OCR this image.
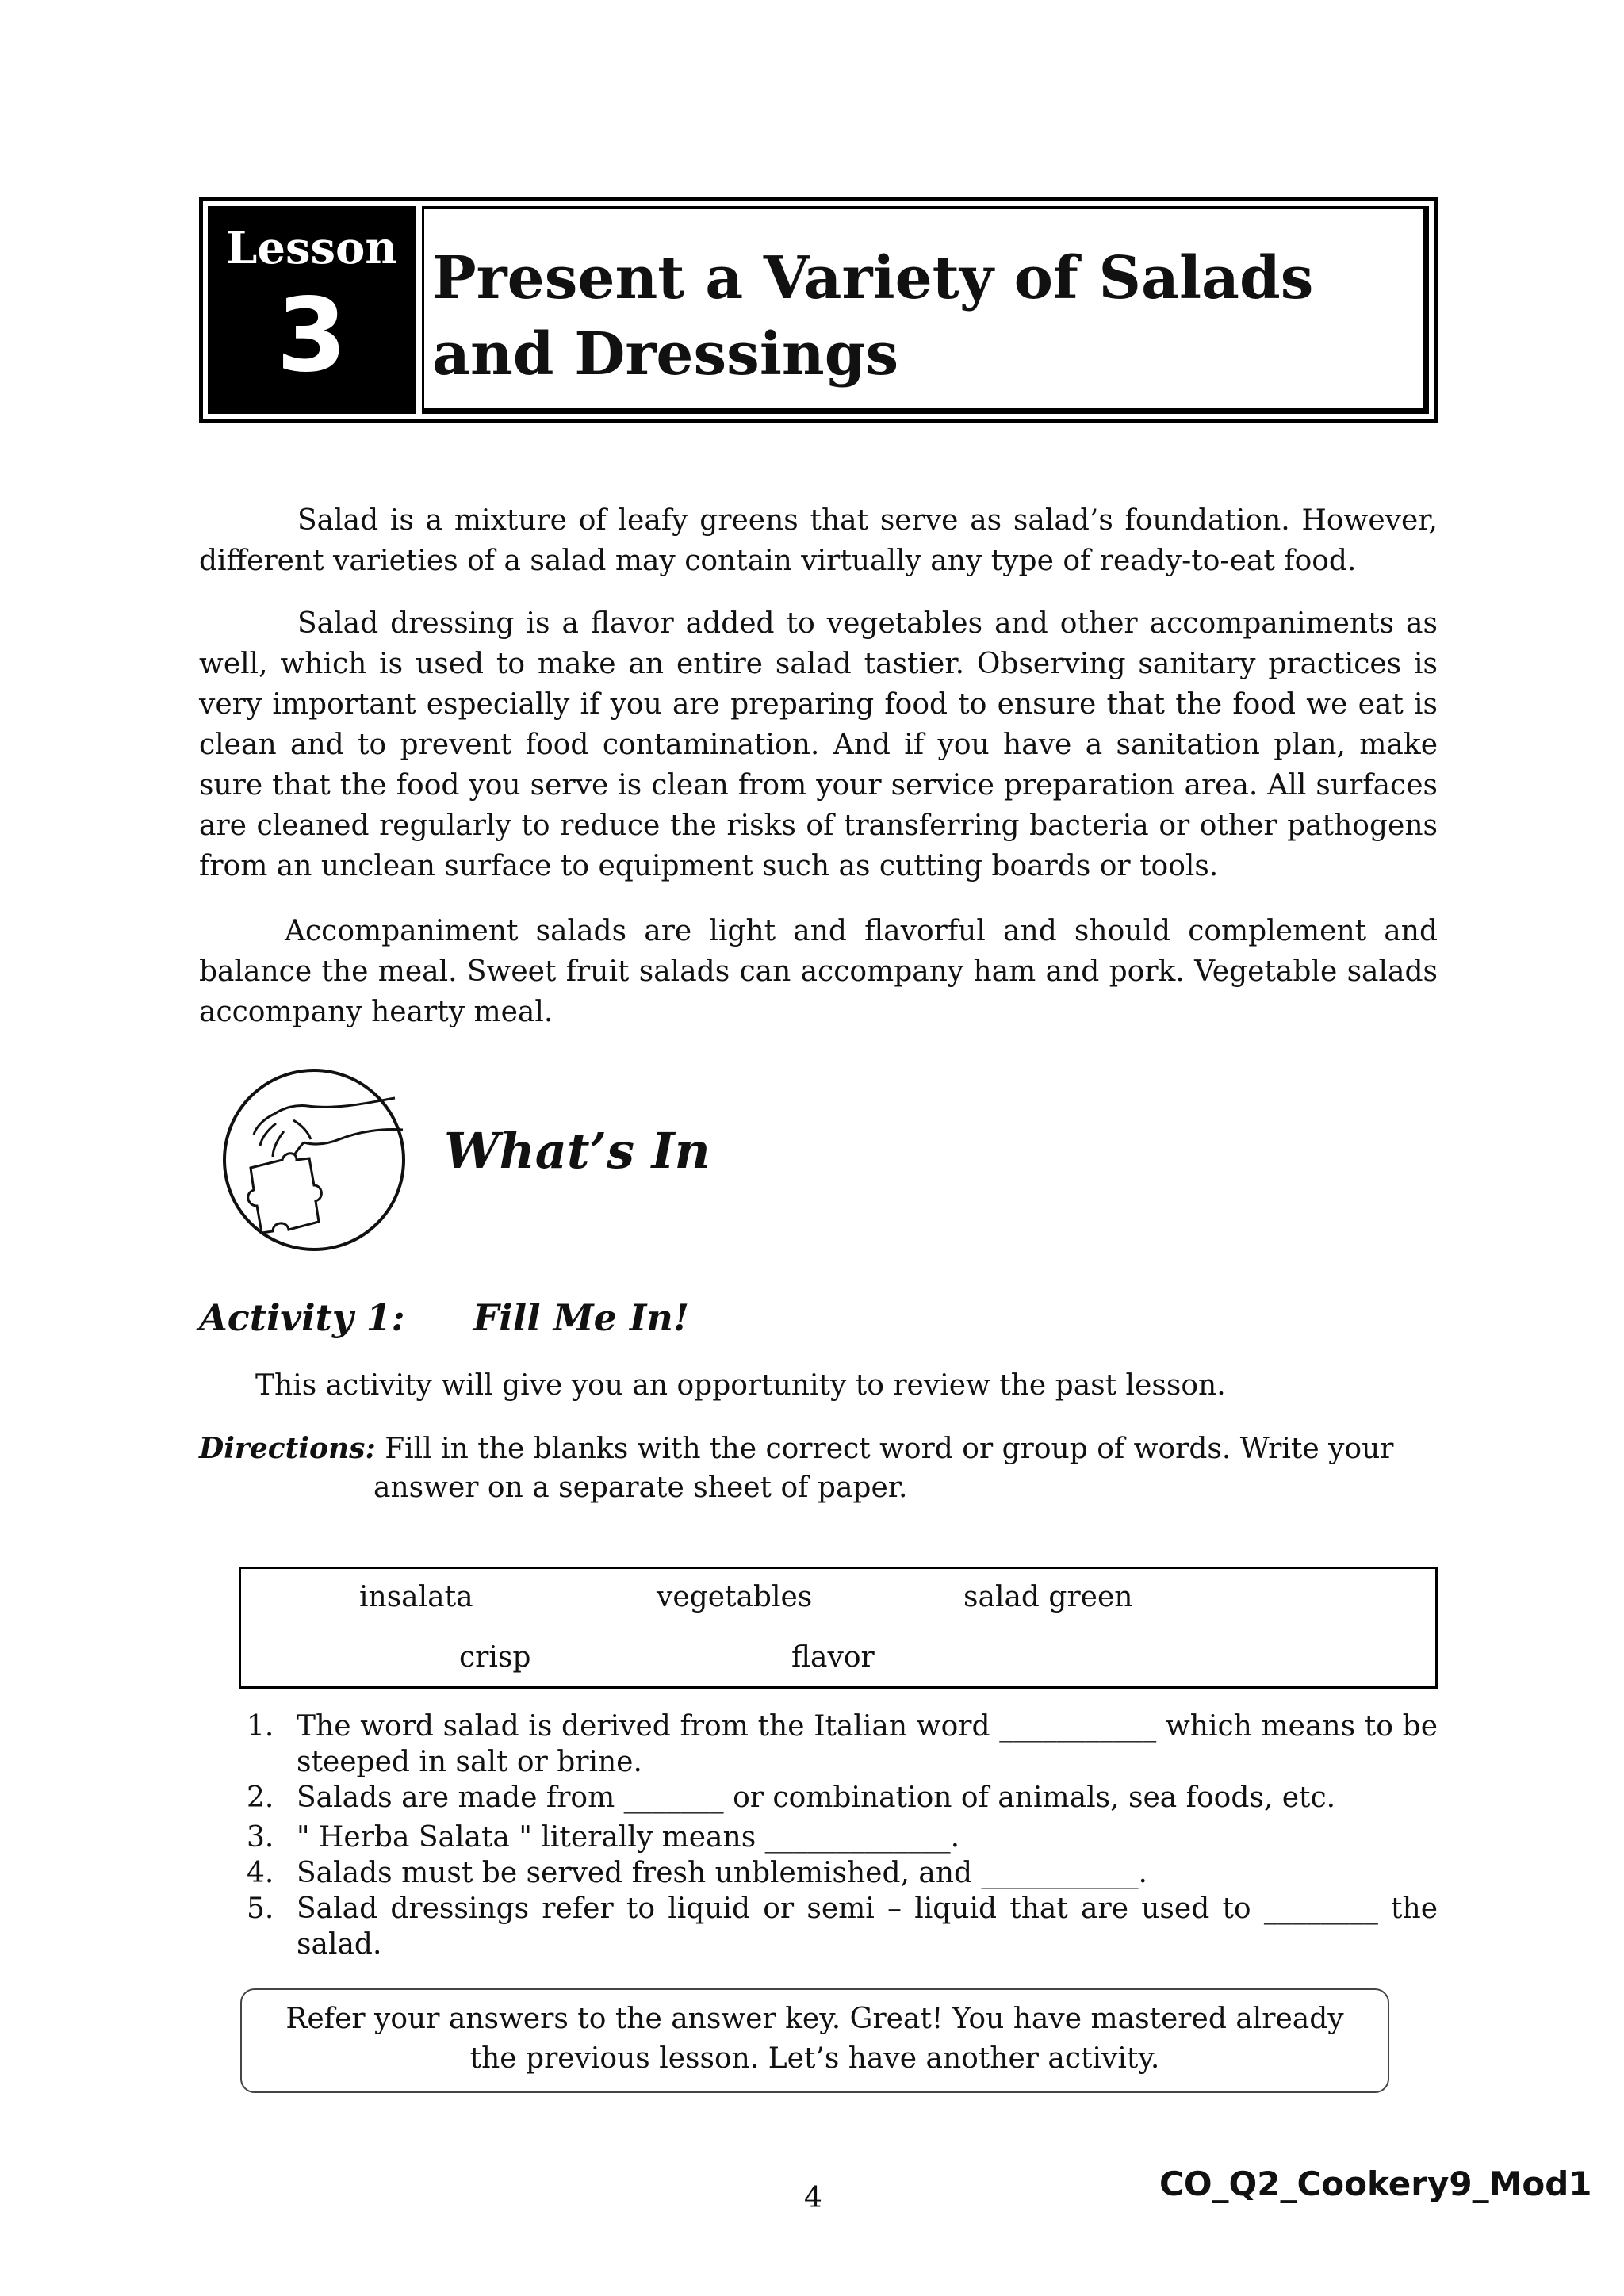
Lesson
3	Present a Variety of Salads
and Dressings
Salad is a mixture of leafy greens that serve as salad’s foundation. However, different varieties of a salad may contain virtually any type of ready-to-eat food.
Salad dressing is a flavor added to vegetables and other accompaniments as well, which is used to make an entire salad tastier. Observing sanitary practices is very important especially if you are preparing food to ensure that the food we eat is clean and to prevent food contamination. And if you have a sanitation plan, make sure that the food you serve is clean from your service preparation area. All surfaces are cleaned regularly to reduce the risks of transferring bacteria or other pathogens from an unclean surface to equipment such as cutting boards or tools.
Accompaniment salads are light and flavorful and should complement and balance the meal. Sweet fruit salads can accompany ham and pork. Vegetable salads accompany hearty meal.
What’s In
Activity 1: Fill Me In!
This activity will give you an opportunity to review the past lesson.
Directions: Fill in the blanks with the correct word or group of words. Write your
answer on a separate sheet of paper.
insalata	vegetables	salad green
crisp	flavor
1. The word salad is derived from the Italian word ___________ which means to be steeped in salt or brine.
2. Salads are made from _______ or combination of animals, sea foods, etc.
3. " Herba Salata " literally means _____________.
4. Salads must be served fresh unblemished, and ___________.
5. Salad dressings refer to liquid or semi – liquid that are used to ________ the salad.
Refer your answers to the answer key. Great! You have mastered already
the previous lesson. Let’s have another activity.
4	CO_Q2_Cookery9_Mod1
